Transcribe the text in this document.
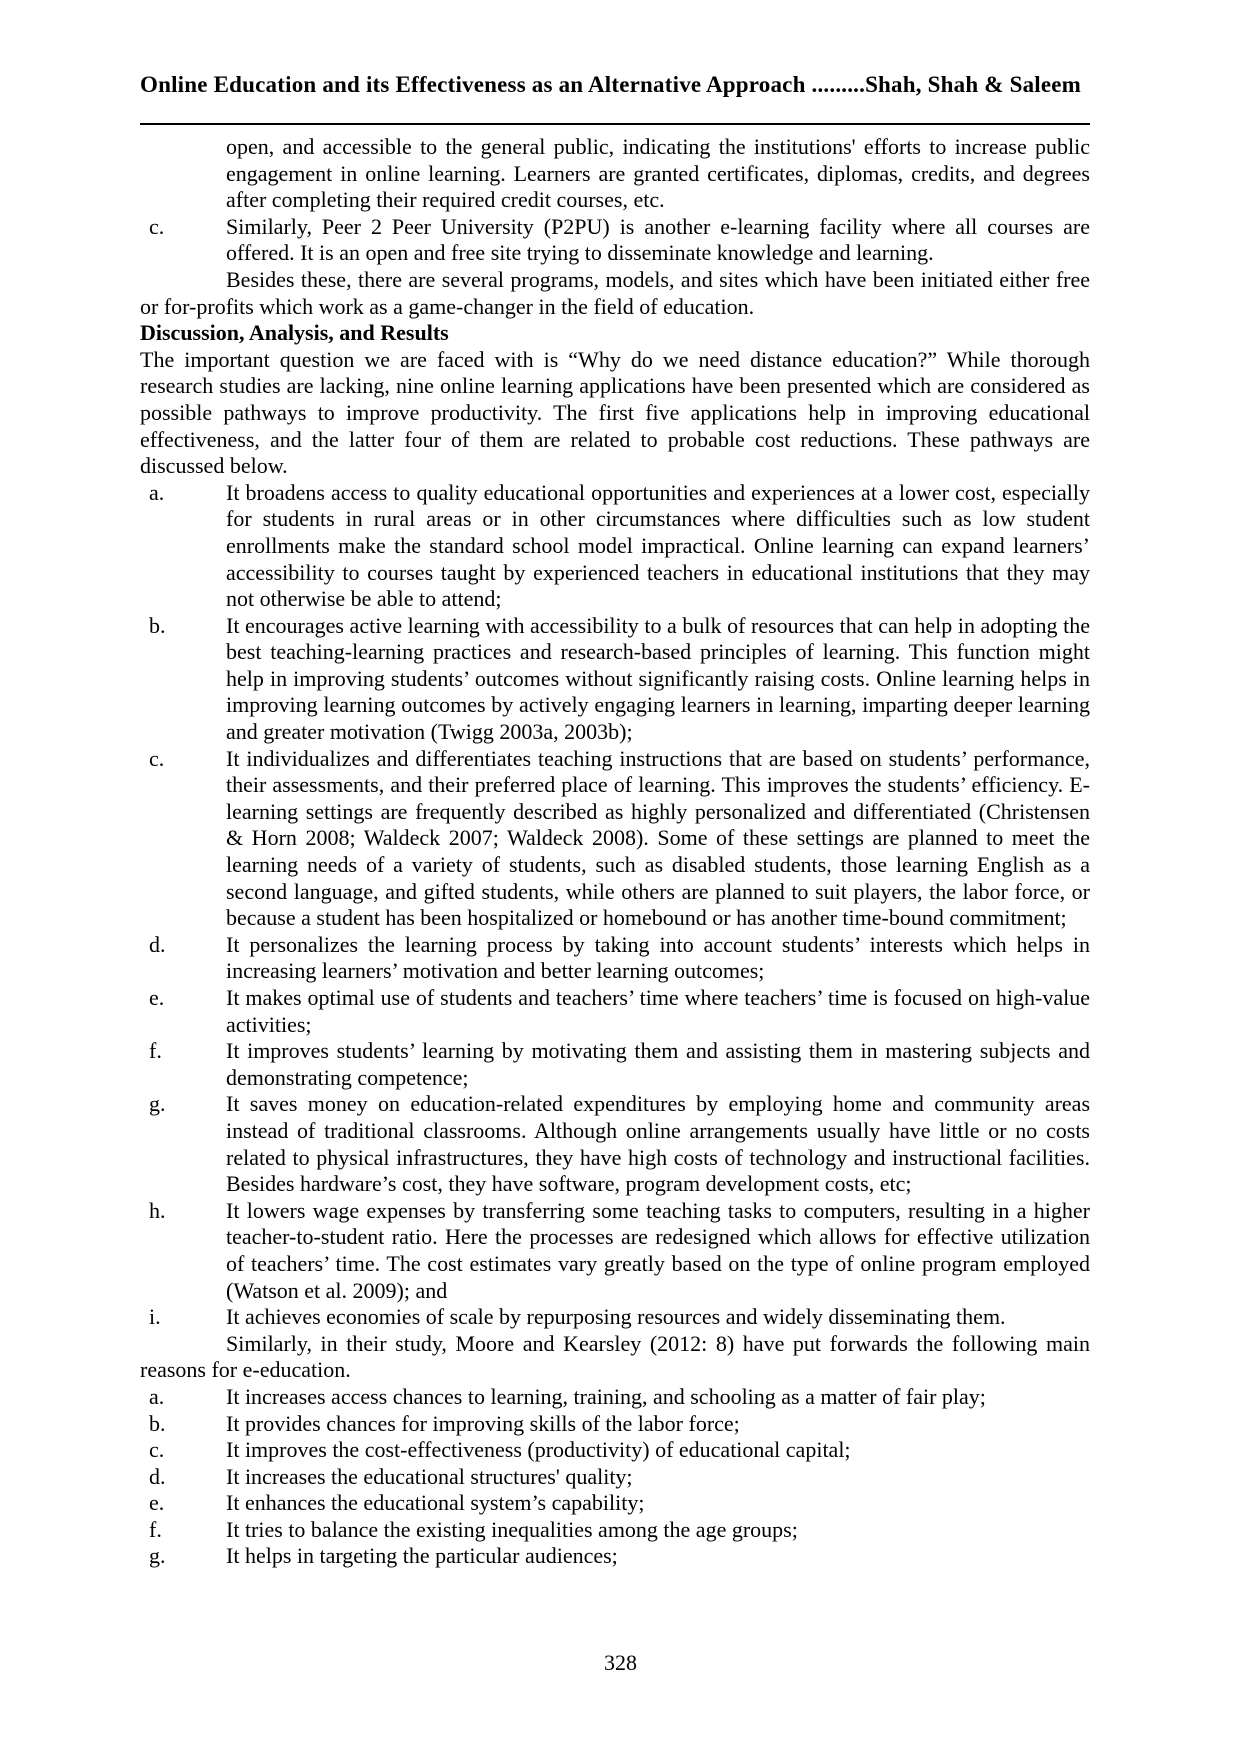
Online Education and its Effectiveness as an Alternative Approach .........Shah, Shah & Saleem

open, and accessible to the general public, indicating the institutions' efforts to increase public engagement in online learning. Learners are granted certificates, diplomas, credits, and degrees after completing their required credit courses, etc.

c.	Similarly, Peer 2 Peer University (P2PU) is another e-learning facility where all courses are offered. It is an open and free site trying to disseminate knowledge and learning.

Besides these, there are several programs, models, and sites which have been initiated either free or for-profits which work as a game-changer in the field of education.

Discussion, Analysis, and Results

The important question we are faced with is “Why do we need distance education?” While thorough research studies are lacking, nine online learning applications have been presented which are considered as possible pathways to improve productivity. The first five applications help in improving educational effectiveness, and the latter four of them are related to probable cost reductions. These pathways are discussed below.

a.	It broadens access to quality educational opportunities and experiences at a lower cost, especially for students in rural areas or in other circumstances where difficulties such as low student enrollments make the standard school model impractical. Online learning can expand learners’ accessibility to courses taught by experienced teachers in educational institutions that they may not otherwise be able to attend;
b.	It encourages active learning with accessibility to a bulk of resources that can help in adopting the best teaching-learning practices and research-based principles of learning. This function might help in improving students’ outcomes without significantly raising costs. Online learning helps in improving learning outcomes by actively engaging learners in learning, imparting deeper learning and greater motivation (Twigg 2003a, 2003b);
c.	It individualizes and differentiates teaching instructions that are based on students’ performance, their assessments, and their preferred place of learning. This improves the students’ efficiency. E-learning settings are frequently described as highly personalized and differentiated (Christensen & Horn 2008; Waldeck 2007; Waldeck 2008). Some of these settings are planned to meet the learning needs of a variety of students, such as disabled students, those learning English as a second language, and gifted students, while others are planned to suit players, the labor force, or because a student has been hospitalized or homebound or has another time-bound commitment;
d.	It personalizes the learning process by taking into account students’ interests which helps in increasing learners’ motivation and better learning outcomes;
e.	It makes optimal use of students and teachers’ time where teachers’ time is focused on high-value activities;
f.	It improves students’ learning by motivating them and assisting them in mastering subjects and demonstrating competence;
g.	It saves money on education-related expenditures by employing home and community areas instead of traditional classrooms. Although online arrangements usually have little or no costs related to physical infrastructures, they have high costs of technology and instructional facilities. Besides hardware’s cost, they have software, program development costs, etc;
h.	It lowers wage expenses by transferring some teaching tasks to computers, resulting in a higher teacher-to-student ratio. Here the processes are redesigned which allows for effective utilization of teachers’ time. The cost estimates vary greatly based on the type of online program employed (Watson et al. 2009); and
i.	It achieves economies of scale by repurposing resources and widely disseminating them.

Similarly, in their study, Moore and Kearsley (2012: 8) have put forwards the following main reasons for e-education.

a.	It increases access chances to learning, training, and schooling as a matter of fair play;
b.	It provides chances for improving skills of the labor force;
c.	It improves the cost-effectiveness (productivity) of educational capital;
d.	It increases the educational structures' quality;
e.	It enhances the educational system’s capability;
f.	It tries to balance the existing inequalities among the age groups;
g.	It helps in targeting the particular audiences;
328
